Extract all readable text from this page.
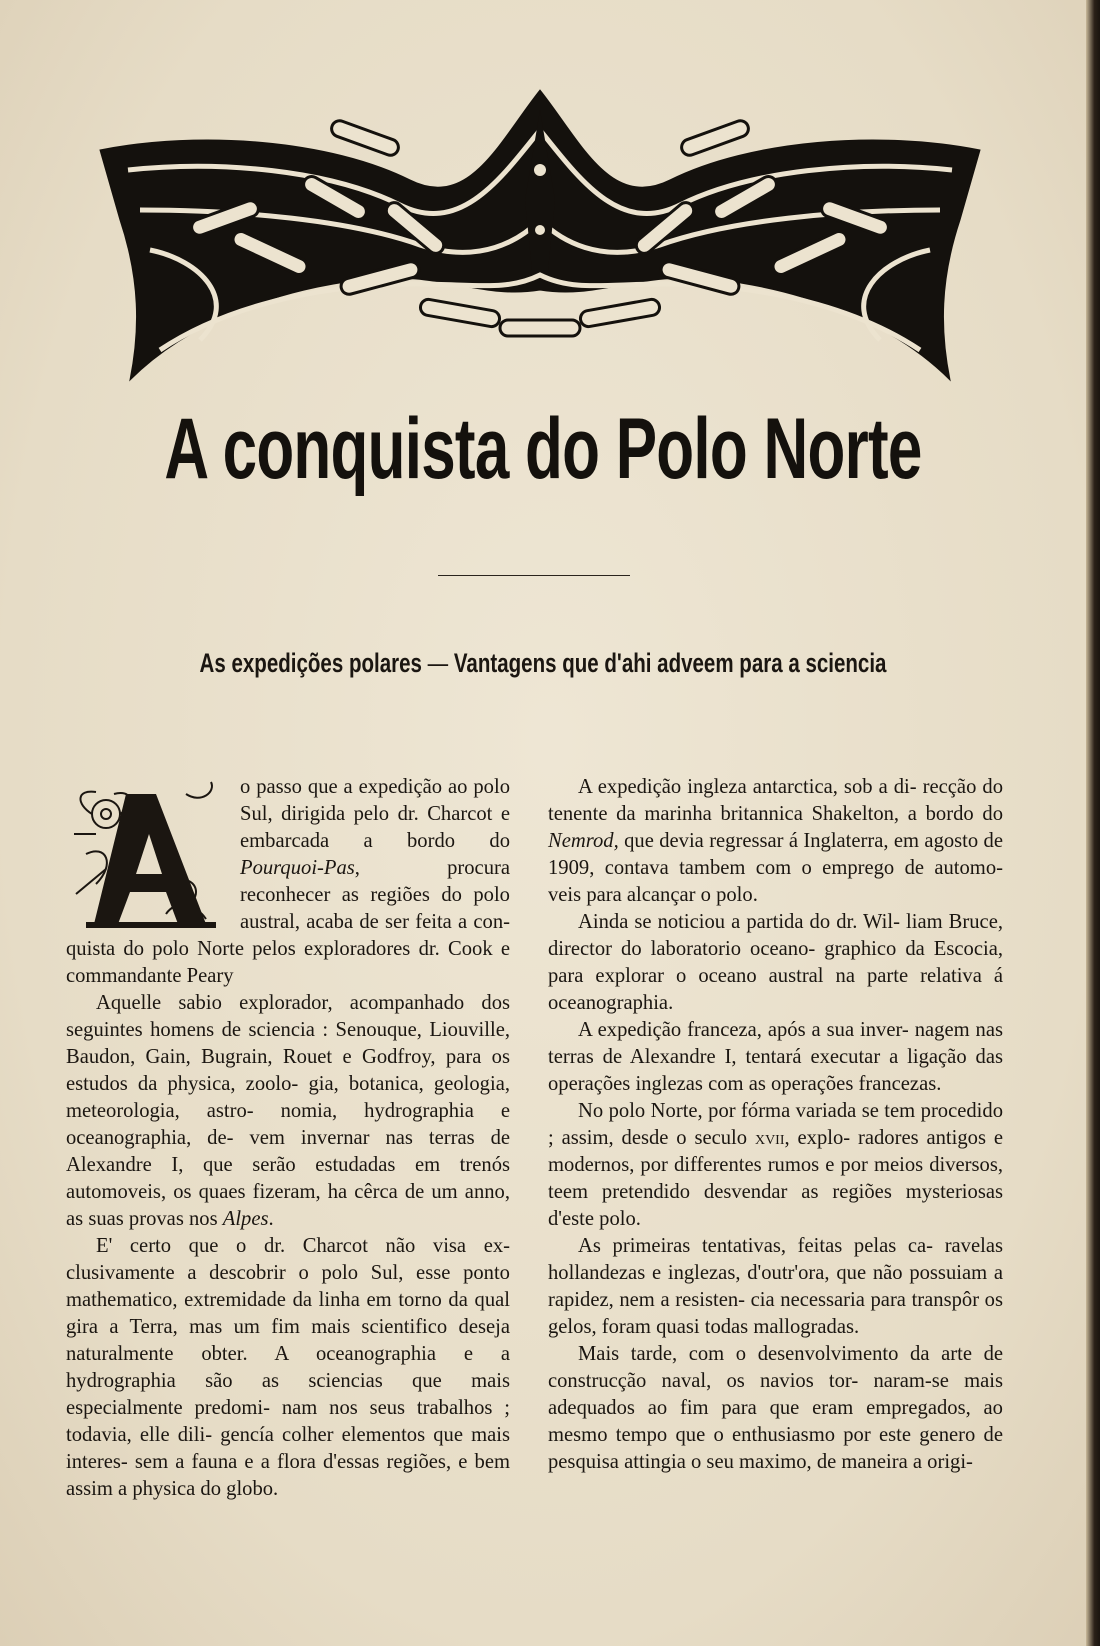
A conquista do Polo Norte
As expedições polares — Vantagens que d'ahi adveem para a sciencia
A

o passo que a expedição ao polo Sul, dirigida pelo dr. Charcot e embarcada a bordo do Pourquoi-Pas,	procura reconhecer as regiões do polo austral, acaba de ser feita a con- quista do polo Norte pelos exploradores dr. Cook e commandante Peary

Aquelle sabio explorador, acompanhado dos seguintes homens de sciencia : Senouque, Liouville, Baudon, Gain, Bugrain, Rouet e Godfroy, para os estudos da physica, zoolo- gia, botanica, geologia, meteorologia, astro- nomia, hydrographia e oceanographia, de- vem invernar nas terras de Alexandre I, que serão estudadas em trenós automoveis, os quaes fizeram, ha cêrca de um anno, as suas provas nos Alpes.

E' certo que o dr. Charcot não visa ex- clusivamente a descobrir o polo Sul, esse ponto mathematico, extremidade da linha em torno da qual gira a Terra, mas um fim mais scientifico deseja naturalmente obter. A oceanographia e a hydrographia são as sciencias que mais especialmente predomi- nam nos seus trabalhos ; todavia, elle dili- gencía colher elementos que mais interes- sem a fauna e a flora d'essas regiões, e bem assim a physica do globo.

A expedição ingleza antarctica, sob a di- recção do tenente da marinha britannica Shakelton, a bordo do Nemrod, que devia regressar á Inglaterra, em agosto de 1909, contava tambem com o emprego de automo- veis para alcançar o polo.

Ainda se noticiou a partida do dr. Wil- liam Bruce, director do laboratorio oceano- graphico da Escocia, para explorar o oceano austral na parte relativa á oceanographia.

A expedição franceza, após a sua inver- nagem nas terras de Alexandre I, tentará executar a ligação das operações inglezas com as operações francezas.

No polo Norte, por fórma variada se tem procedido ; assim, desde o seculo xvii, explo- radores antigos e modernos, por differentes rumos e por meios diversos, teem pretendido desvendar as regiões mysteriosas d'este polo.

As primeiras tentativas, feitas pelas ca- ravelas hollandezas e inglezas, d'outr'ora, que não possuiam a rapidez, nem a resisten- cia necessaria para transpôr os gelos, foram quasi todas mallogradas.

Mais tarde, com o desenvolvimento da arte de construcção naval, os navios tor- naram-se mais adequados ao fim para que eram empregados, ao mesmo tempo que o enthusiasmo por este genero de pesquisa attingia o seu maximo, de maneira a origi-
